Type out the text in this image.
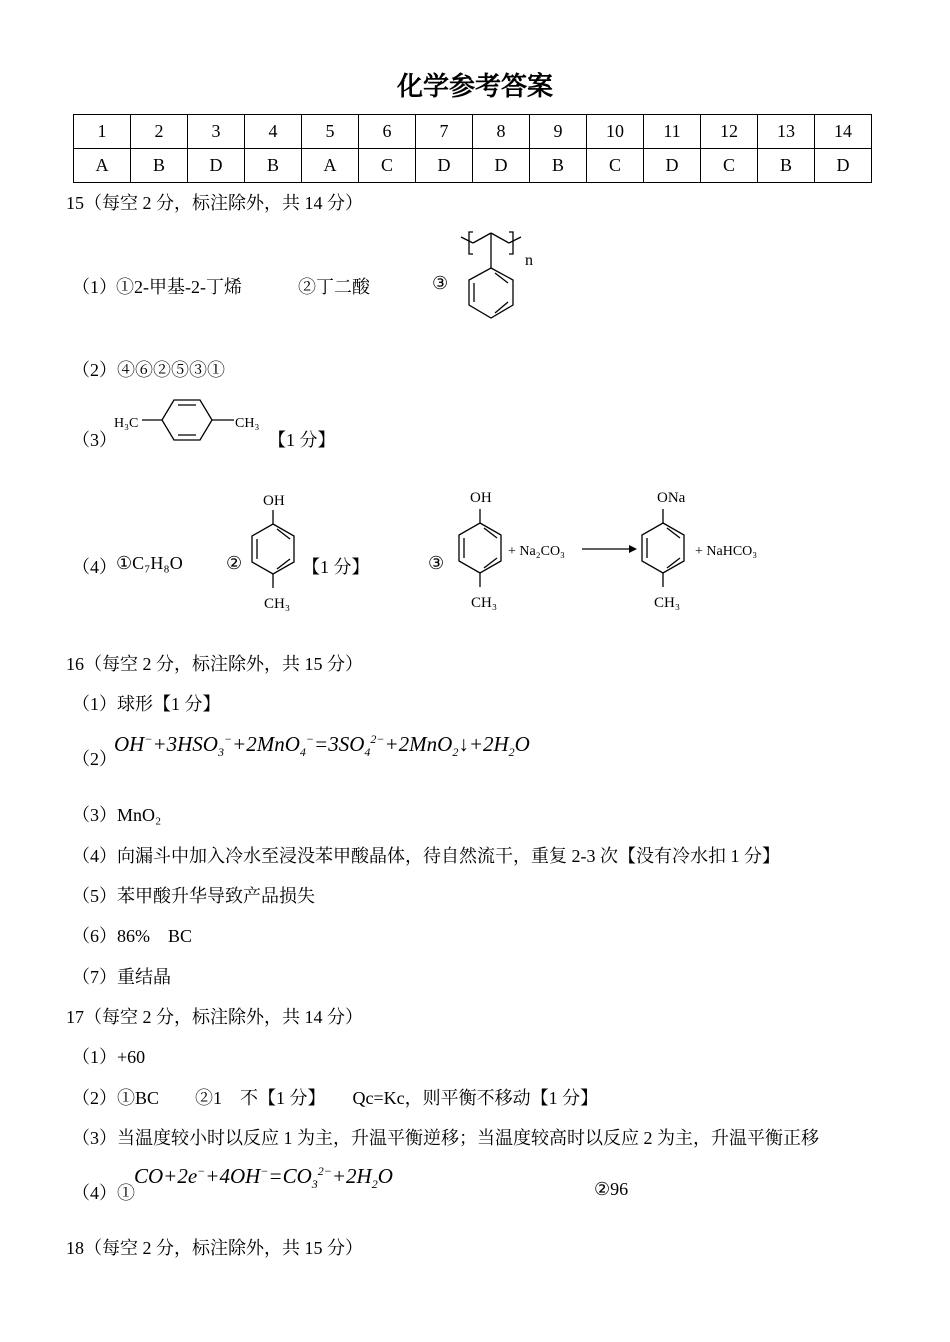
化学参考答案
1	2	3	4	5	6	7	8	9	10	11	12	13	14
A	B	D	B	A	C	D	D	B	C	D	C	B	D
15（每空 2 分，标注除外，共 14 分）
（1） ①2-甲基-2-丁烯	②丁二酸	③
n
（2）④⑥②⑤③①
（3）
H₃C	CH₃
【1 分】
（4） ①C₇H₈O ②
OH
CH₃
【1 分】	③
OH
CH₃
+ Na₂CO₃
ONa
CH₃
+ NaHCO₃
16（每空 2 分，标注除外，共 15 分）
（1）球形【1 分】
（2）
$OH^-+3HSO_3^-+2MnO_4^-=3SO_4^{2-}+2MnO_2↓+2H_2O$
（3）MnO₂
（4）向漏斗中加入冷水至浸没苯甲酸晶体，待自然流干，重复 2-3 次【没有冷水扣 1 分】
（5）苯甲酸升华导致产品损失
（6）86%　BC
（7）重结晶
17（每空 2 分，标注除外，共 14 分）
（1）+60
（2）①BC　　②1　不【1 分】　　Qc=Kc，则平衡不移动【1 分】
（3）当温度较小时以反应 1 为主，升温平衡逆移；当温度较高时以反应 2 为主，升温平衡正移
（4）①
$CO+2e^-+4OH^-=CO_3^{2-}+2H_2O$
②96
18（每空 2 分，标注除外，共 15 分）
